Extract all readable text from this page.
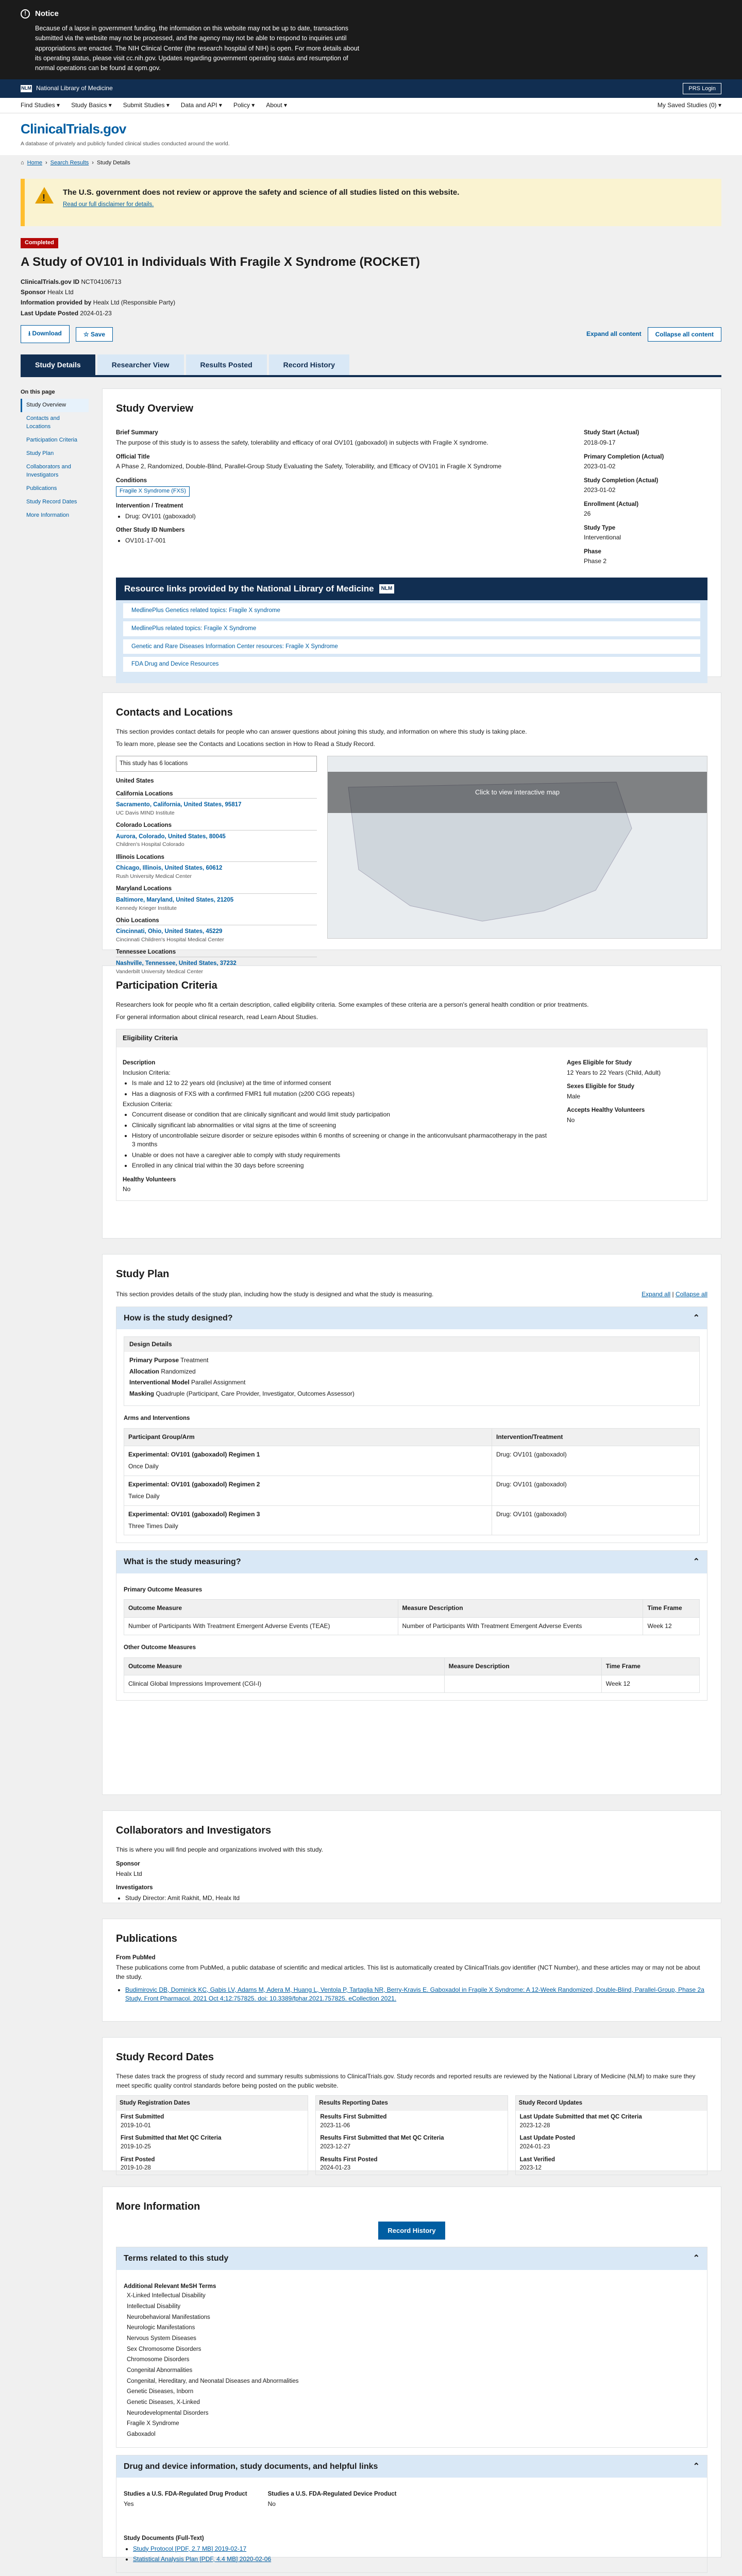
!	Notice

Because of a lapse in government funding, the information on this website may not be up to date, transactions submitted via the website may not be processed, and the agency may not be able to respond to inquiries until appropriations are enacted. The NIH Clinical Center (the research hospital of NIH) is open. For more details about its operating status, please visit cc.nih.gov. Updates regarding government operating status and resumption of normal operations can be found at opm.gov.

NLM National Library of Medicine	PRS Login
Find Studies ▾ Study Basics ▾ Submit Studies ▾ Data and API ▾ Policy ▾ About ▾	My Saved Studies (0) ▾
ClinicalTrials.gov
A database of privately and publicly funded clinical studies conducted around the world.
⌂ Home › Search Results › Study Details
!
The U.S. government does not review or approve the safety and science of all studies listed on this website.
Read our full disclaimer for details.
Completed
A Study of OV101 in Individuals With Fragile X Syndrome (ROCKET)
ClinicalTrials.gov ID NCT04106713
Sponsor Healx Ltd
Information provided by Healx Ltd (Responsible Party)
Last Update Posted 2024-01-23
⭳ Download	☆ Save	Expand all content	Collapse all content
Study Details	Researcher View	Results Posted	Record History
On this page
Study Overview
Contacts and Locations
Participation Criteria
Study Plan
Collaborators and Investigators
Publications
Study Record Dates
More Information
Study Overview
Brief Summary
The purpose of this study is to assess the safety, tolerability and efficacy of oral OV101 (gaboxadol) in subjects with Fragile X syndrome.
Official Title
A Phase 2, Randomized, Double-Blind, Parallel-Group Study Evaluating the Safety, Tolerability, and Efficacy of OV101 in Fragile X Syndrome
Conditions
Fragile X Syndrome (FXS)
Intervention / Treatment
• Drug: OV101 (gaboxadol)
Other Study ID Numbers
• OV101-17-001
Study Start (Actual)
2018-09-17
Primary Completion (Actual)
2023-01-02
Study Completion (Actual)
2023-01-02
Enrollment (Actual)
26
Study Type
Interventional
Phase
Phase 2
Resource links provided by the National Library of Medicine	NLM
MedlinePlus Genetics related topics: Fragile X syndrome
MedlinePlus related topics: Fragile X Syndrome
Genetic and Rare Diseases Information Center resources: Fragile X Syndrome
FDA Drug and Device Resources
Contacts and Locations
This section provides contact details for people who can answer questions about joining this study, and information on where this study is taking place.
To learn more, please see the Contacts and Locations section in How to Read a Study Record.
This study has 6 locations
United States
California Locations
Sacramento, California, United States, 95817
UC Davis MIND Institute
Colorado Locations
Aurora, Colorado, United States, 80045
Children's Hospital Colorado
Illinois Locations
Chicago, Illinois, United States, 60612
Rush University Medical Center
Maryland Locations
Baltimore, Maryland, United States, 21205
Kennedy Krieger Institute
Ohio Locations
Cincinnati, Ohio, United States, 45229
Cincinnati Children's Hospital Medical Center
Tennessee Locations
Nashville, Tennessee, United States, 37232
Vanderbilt University Medical Center
Click to view interactive map
Participation Criteria
Researchers look for people who fit a certain description, called eligibility criteria. Some examples of these criteria are a person's general health condition or prior treatments.
For general information about clinical research, read Learn About Studies.
Eligibility Criteria
Description
Inclusion Criteria:
• Is male and 12 to 22 years old (inclusive) at the time of informed consent
• Has a diagnosis of FXS with a confirmed FMR1 full mutation (≥200 CGG repeats)
Exclusion Criteria:
• Concurrent disease or condition that are clinically significant and would limit study participation
• Clinically significant lab abnormalities or vital signs at the time of screening
• History of uncontrollable seizure disorder or seizure episodes within 6 months of screening or change in the anticonvulsant pharmacotherapy in the past 3 months
• Unable or does not have a caregiver able to comply with study requirements
• Enrolled in any clinical trial within the 30 days before screening
Healthy Volunteers
No
Ages Eligible for Study
12 Years to 22 Years (Child, Adult)
Sexes Eligible for Study
Male
Accepts Healthy Volunteers
No
Study Plan
This section provides details of the study plan, including how the study is designed and what the study is measuring.	Expand all | Collapse all
How is the study designed?	⌃
Design Details
Primary Purpose Treatment
Allocation Randomized
Interventional Model Parallel Assignment
Masking Quadruple (Participant, Care Provider, Investigator, Outcomes Assessor)
Arms and Interventions
Participant Group/Arm	Intervention/Treatment

Experimental: OV101 (gaboxadol) Regimen 1
Once Daily	Drug: OV101 (gaboxadol)

Experimental: OV101 (gaboxadol) Regimen 2
Twice Daily	Drug: OV101 (gaboxadol)

Experimental: OV101 (gaboxadol) Regimen 3
Three Times Daily	Drug: OV101 (gaboxadol)
What is the study measuring?	⌃
Primary Outcome Measures
Outcome Measure	Measure Description	Time Frame
Number of Participants With Treatment Emergent Adverse Events (TEAE)	Number of Participants With Treatment Emergent Adverse Events	Week 12
Other Outcome Measures
Outcome Measure	Measure Description	Time Frame
Clinical Global Impressions Improvement (CGI-I)		Week 12
Collaborators and Investigators
This is where you will find people and organizations involved with this study.
Sponsor
Healx Ltd
Investigators
• Study Director: Amit Rakhit, MD, Healx ltd
Publications
From PubMed
These publications come from PubMed, a public database of scientific and medical articles. This list is automatically created by ClinicalTrials.gov identifier (NCT Number), and these articles may or may not be about the study.
• Budimirovic DB, Dominick KC, Gabis LV, Adams M, Adera M, Huang L, Ventola P, Tartaglia NR, Berry-Kravis E. Gaboxadol in Fragile X Syndrome: A 12-Week Randomized, Double-Blind, Parallel-Group, Phase 2a Study. Front Pharmacol. 2021 Oct 4;12:757825. doi: 10.3389/fphar.2021.757825. eCollection 2021.
Study Record Dates
These dates track the progress of study record and summary results submissions to ClinicalTrials.gov. Study records and reported results are reviewed by the National Library of Medicine (NLM) to make sure they meet specific quality control standards before being posted on the public website.
Study Registration Dates
First Submitted
2019-10-01
First Submitted that Met QC Criteria
2019-10-25
First Posted
2019-10-28
Results Reporting Dates
Results First Submitted
2023-11-06
Results First Submitted that Met QC Criteria
2023-12-27
Results First Posted
2024-01-23
Study Record Updates
Last Update Submitted that met QC Criteria
2023-12-28
Last Update Posted
2024-01-23
Last Verified
2023-12
More Information
Record History
Terms related to this study	⌃
Additional Relevant MeSH Terms
X-Linked Intellectual Disability
Intellectual Disability
Neurobehavioral Manifestations
Neurologic Manifestations
Nervous System Diseases
Sex Chromosome Disorders
Chromosome Disorders
Congenital Abnormalities
Congenital, Hereditary, and Neonatal Diseases and Abnormalities
Genetic Diseases, Inborn
Genetic Diseases, X-Linked
Neurodevelopmental Disorders
Fragile X Syndrome
Gaboxadol
Drug and device information, study documents, and helpful links	⌃
Studies a U.S. FDA-Regulated Drug Product
Yes
Studies a U.S. FDA-Regulated Device Product
No
Study Documents (Full-Text)
• Study Protocol [PDF, 2.7 MB] 2019-02-17
• Statistical Analysis Plan [PDF, 4.4 MB] 2020-02-06
